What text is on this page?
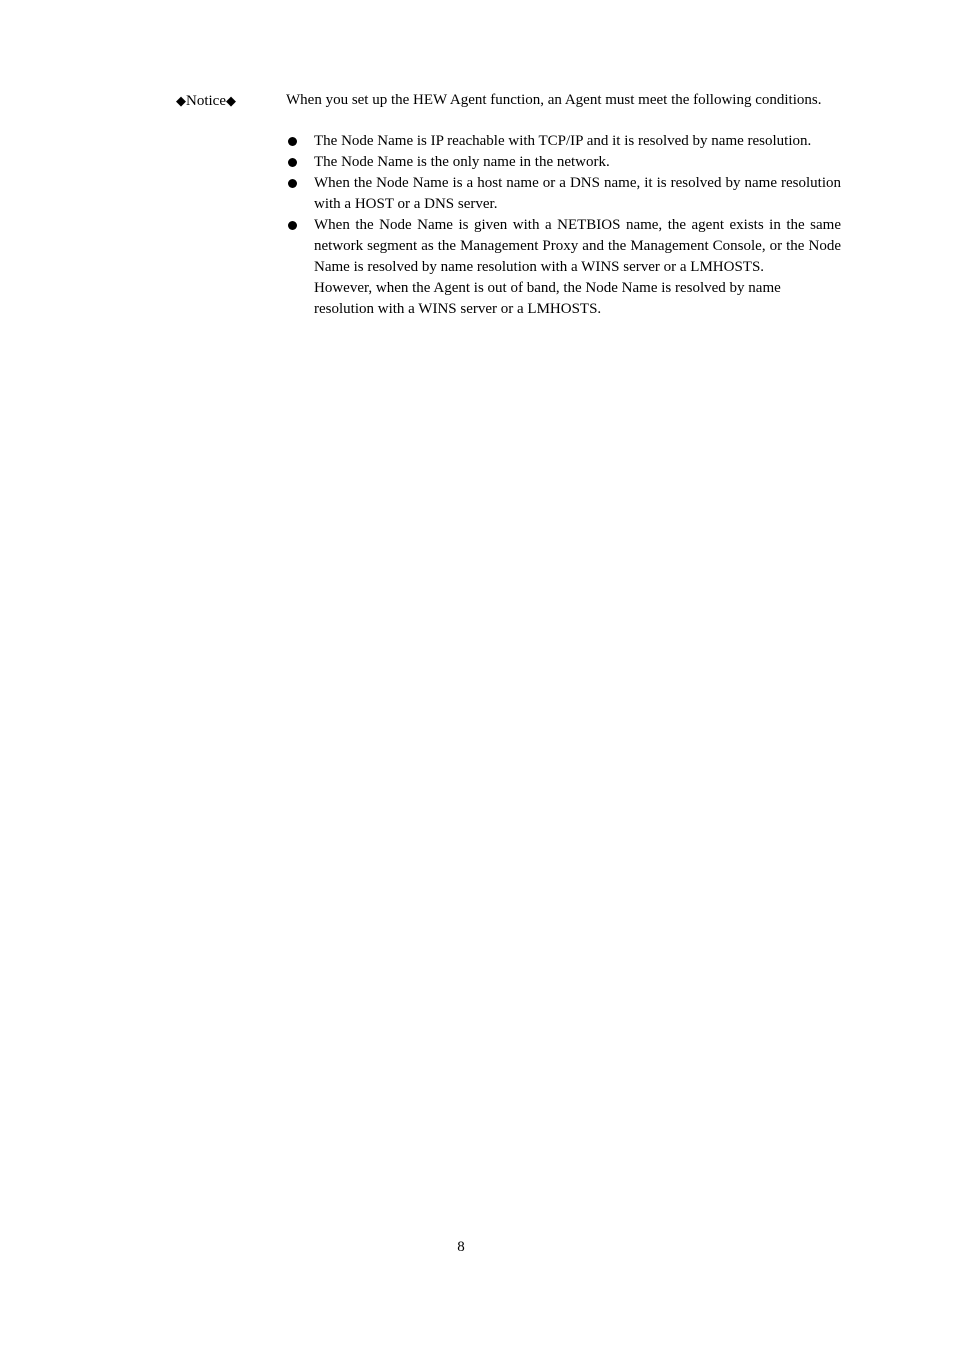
◆Notice◆	When you set up the HEW Agent function, an Agent must meet the following conditions.

The Node Name is IP reachable with TCP/IP and it is resolved by name resolution.
The Node Name is the only name in the network.
When the Node Name is a host name or a DNS name, it is resolved by name resolution with a HOST or a DNS server.
When the Node Name is given with a NETBIOS name, the agent exists in the same network segment as the Management Proxy and the Management Console, or the Node Name is resolved by name resolution with a WINS server or a LMHOSTS.
However, when the Agent is out of band, the Node Name is resolved by name resolution with a WINS server or a LMHOSTS.
8
